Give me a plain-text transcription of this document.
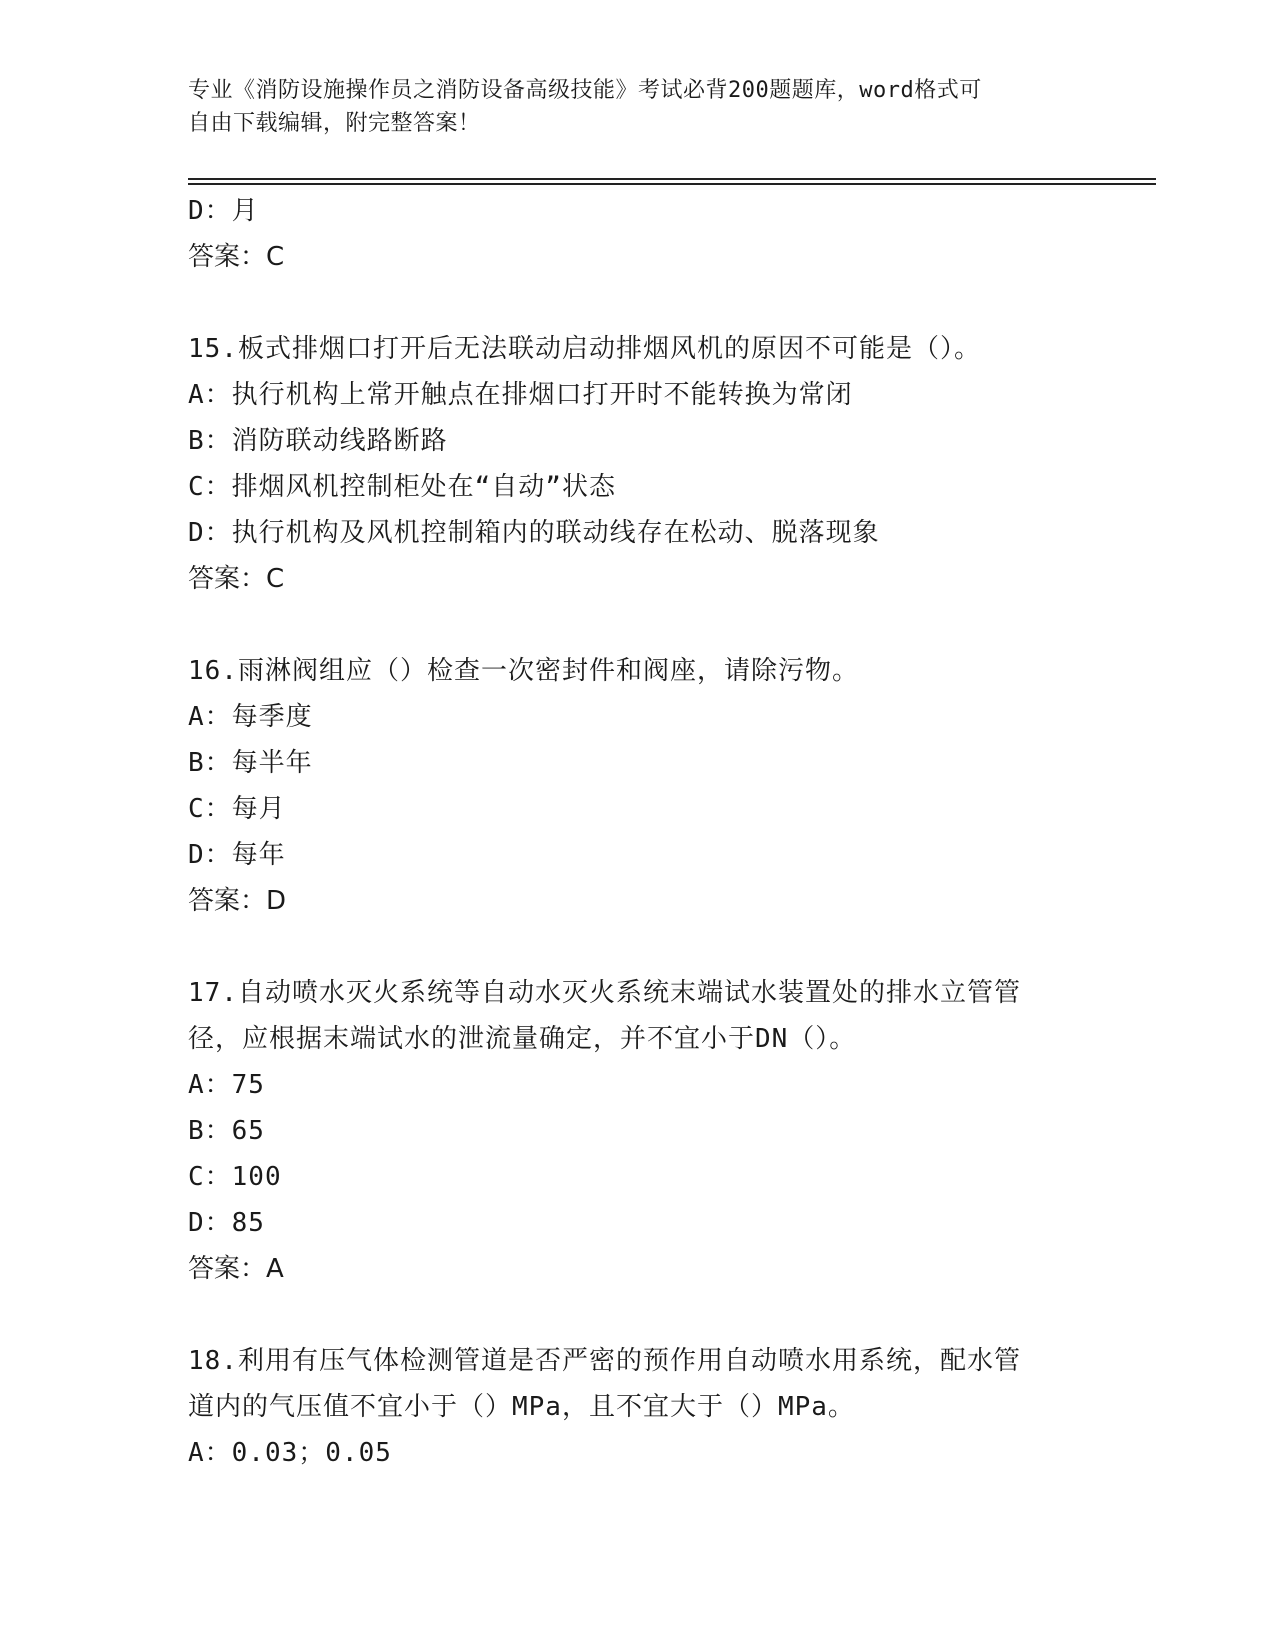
专业《消防设施操作员之消防设备高级技能》考试必背200题题库，word格式可
自由下载编辑，附完整答案！
D：月
答案：C
15.板式排烟口打开后无法联动启动排烟风机的原因不可能是（）。
A：执行机构上常开触点在排烟口打开时不能转换为常闭
B：消防联动线路断路
C：排烟风机控制柜处在“自动”状态
D：执行机构及风机控制箱内的联动线存在松动、脱落现象
答案：C
16.雨淋阀组应（）检查一次密封件和阀座，请除污物。
A：每季度
B：每半年
C：每月
D：每年
答案：D
17.自动喷水灭火系统等自动水灭火系统末端试水装置处的排水立管管
径，应根据末端试水的泄流量确定，并不宜小于DN（）。
A：75
B：65
C：100
D：85
答案：A
18.利用有压气体检测管道是否严密的预作用自动喷水用系统，配水管
道内的气压值不宜小于（）MPa，且不宜大于（）MPa。
A：0.03；0.05
